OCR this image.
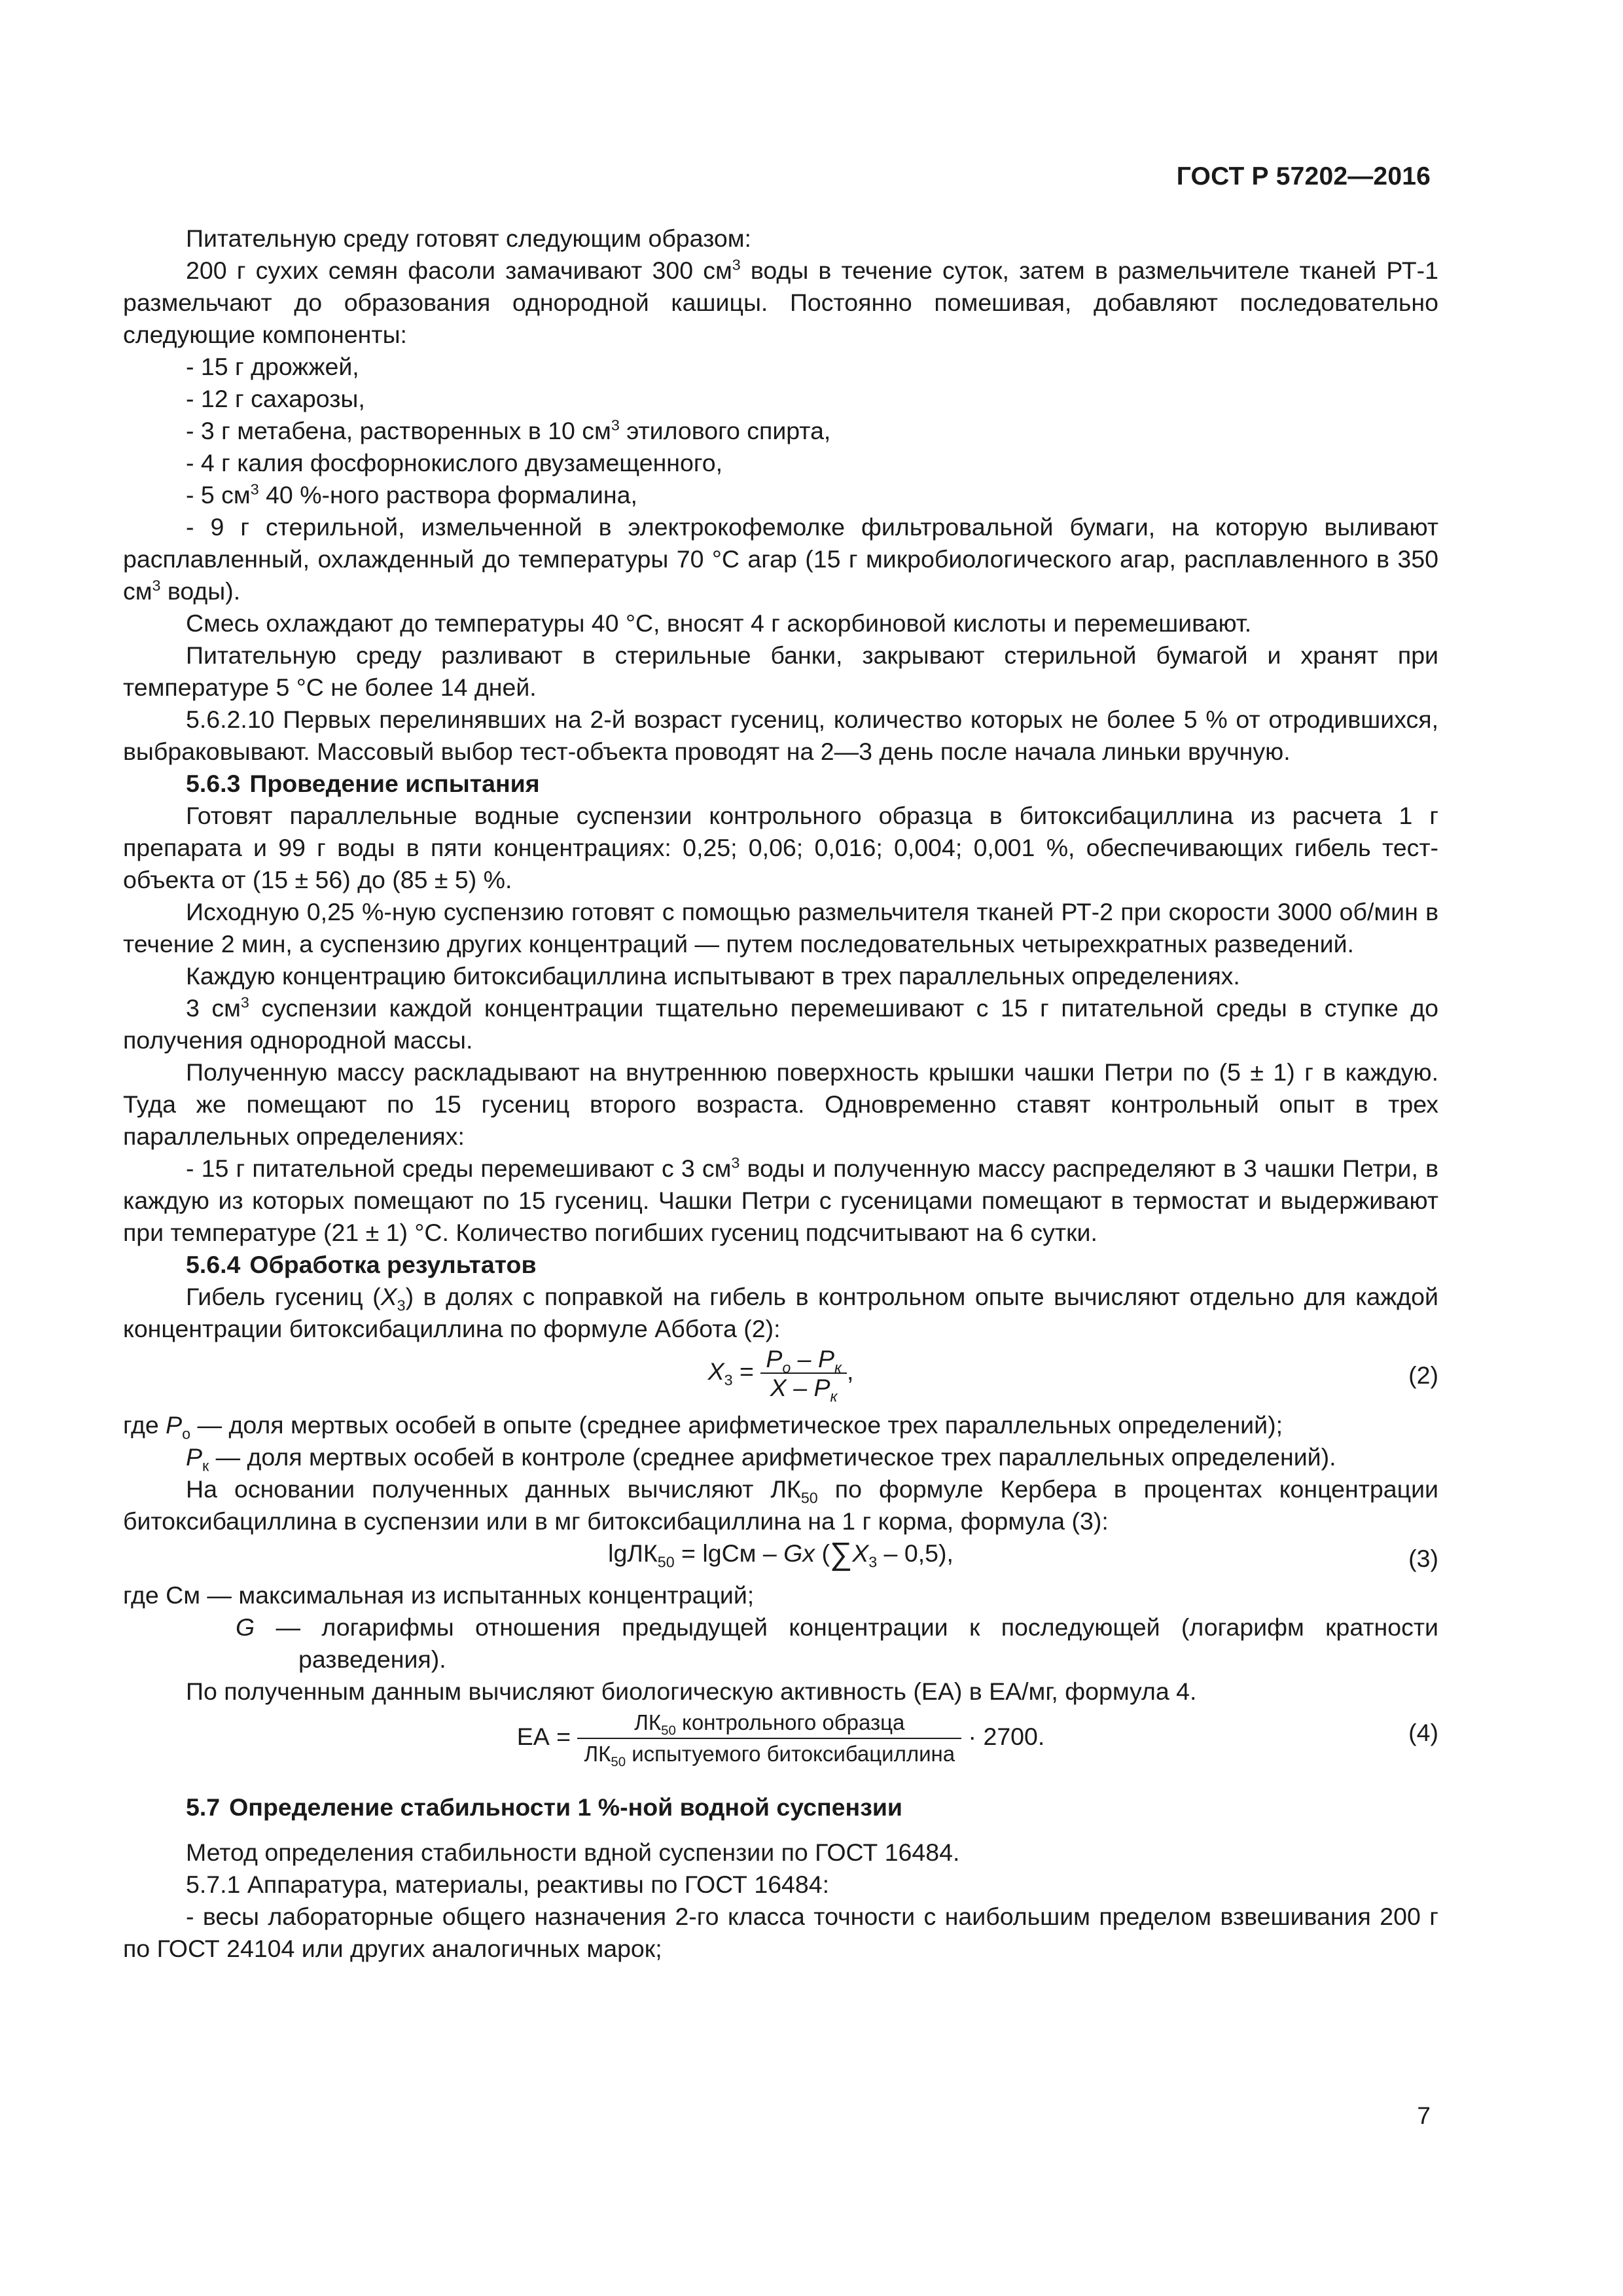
ГОСТ Р 57202—2016

Питательную среду готовят следующим образом:

200 г сухих семян фасоли замачивают 300 $см^3$ воды в течение суток, затем в размельчителе тканей РТ-1 размельчают до образования однородной кашицы. Постоянно помешивая, добавляют последовательно следующие компоненты:

- 15 г дрожжей,

- 12 г сахарозы,

- 3 г метабена, растворенных в 10 $см^3$ этилового спирта,

- 4 г калия фосфорнокислого двузамещенного,

- 5 $см^3$ 40 %-ного раствора формалина,

- 9 г стерильной, измельченной в электрокофемолке фильтровальной бумаги, на которую выливают расплавленный, охлажденный до температуры 70 °С агар (15 г микробиологического агар, расплавленного в 350 $см^3$ воды).

Смесь охлаждают до температуры 40 °С, вносят 4 г аскорбиновой кислоты и перемешивают.

Питательную среду разливают в стерильные банки, закрывают стерильной бумагой и хранят при температуре 5 °С не более 14 дней.

5.6.2.10 Первых перелинявших на 2-й возраст гусениц, количество которых не более 5 % от отродившихся, выбраковывают. Массовый выбор тест-объекта проводят на 2—3 день после начала линьки вручную.

5.6.3 Проведение испытания

Готовят параллельные водные суспензии контрольного образца в битоксибациллина из расчета 1 г препарата и 99 г воды в пяти концентрациях: 0,25; 0,06; 0,016; 0,004; 0,001 %, обеспечивающих гибель тест-объекта от (15 ± 56) до (85 ± 5) %.

Исходную 0,25 %-ную суспензию готовят с помощью размельчителя тканей РТ-2 при скорости 3000 об/мин в течение 2 мин, а суспензию других концентраций — путем последовательных четырехкратных разведений.

Каждую концентрацию битоксибациллина испытывают в трех параллельных определениях.

3 $см^3$ суспензии каждой концентрации тщательно перемешивают с 15 г питательной среды в ступке до получения однородной массы.

Полученную массу раскладывают на внутреннюю поверхность крышки чашки Петри по (5 ± 1) г в каждую. Туда же помещают по 15 гусениц второго возраста. Одновременно ставят контрольный опыт в трех параллельных определениях:

- 15 г питательной среды перемешивают с 3 $см^3$ воды и полученную массу распределяют в 3 чашки Петри, в каждую из которых помещают по 15 гусениц. Чашки Петри с гусеницами помещают в термостат и выдерживают при температуре (21 ± 1) °С. Количество погибших гусениц подсчитывают на 6 сутки.

5.6.4 Обработка результатов

Гибель гусениц $(X_3)$ в долях с поправкой на гибель в контрольном опыте вычисляют отдельно для каждой концентрации битоксибациллина по формуле Аббота (2):

$X_3 = \frac{P_о - P_к}{X - P_к}$ ,	(2)

где $P_о$ — доля мертвых особей в опыте (среднее арифметическое трех параллельных определений);

$P_к$ — доля мертвых особей в контроле (среднее арифметическое трех параллельных определений).

На основании полученных данных вычисляют $ЛК_{50}$ по формуле Кербера в процентах концентрации битоксибациллина в суспензии или в мг битоксибациллина на 1 г корма, формула (3):

lgЛК$_{50}$ = lgCм – Gx $(\sum X_3 - 0,5)$,	(3)

где Cм — максимальная из испытанных концентраций;

G — логарифмы отношения предыдущей концентрации к последующей (логарифм кратности разведения).

По полученным данным вычисляют биологическую активность (ЕА) в ЕА/мг, формула 4.

ЕА = $\frac{ЛК_{50} контрольного образца}{ЛК_{50} испытуемого битоксибациллина} \cdot 2700$.	(4)

5.7 Определение стабильности 1 %-ной водной суспензии

Метод определения стабильности вдной суспензии по ГОСТ 16484.

5.7.1 Аппаратура, материалы, реактивы по ГОСТ 16484:

- весы лабораторные общего назначения 2-го класса точности с наибольшим пределом взвешивания 200 г по ГОСТ 24104 или других аналогичных марок;

7
